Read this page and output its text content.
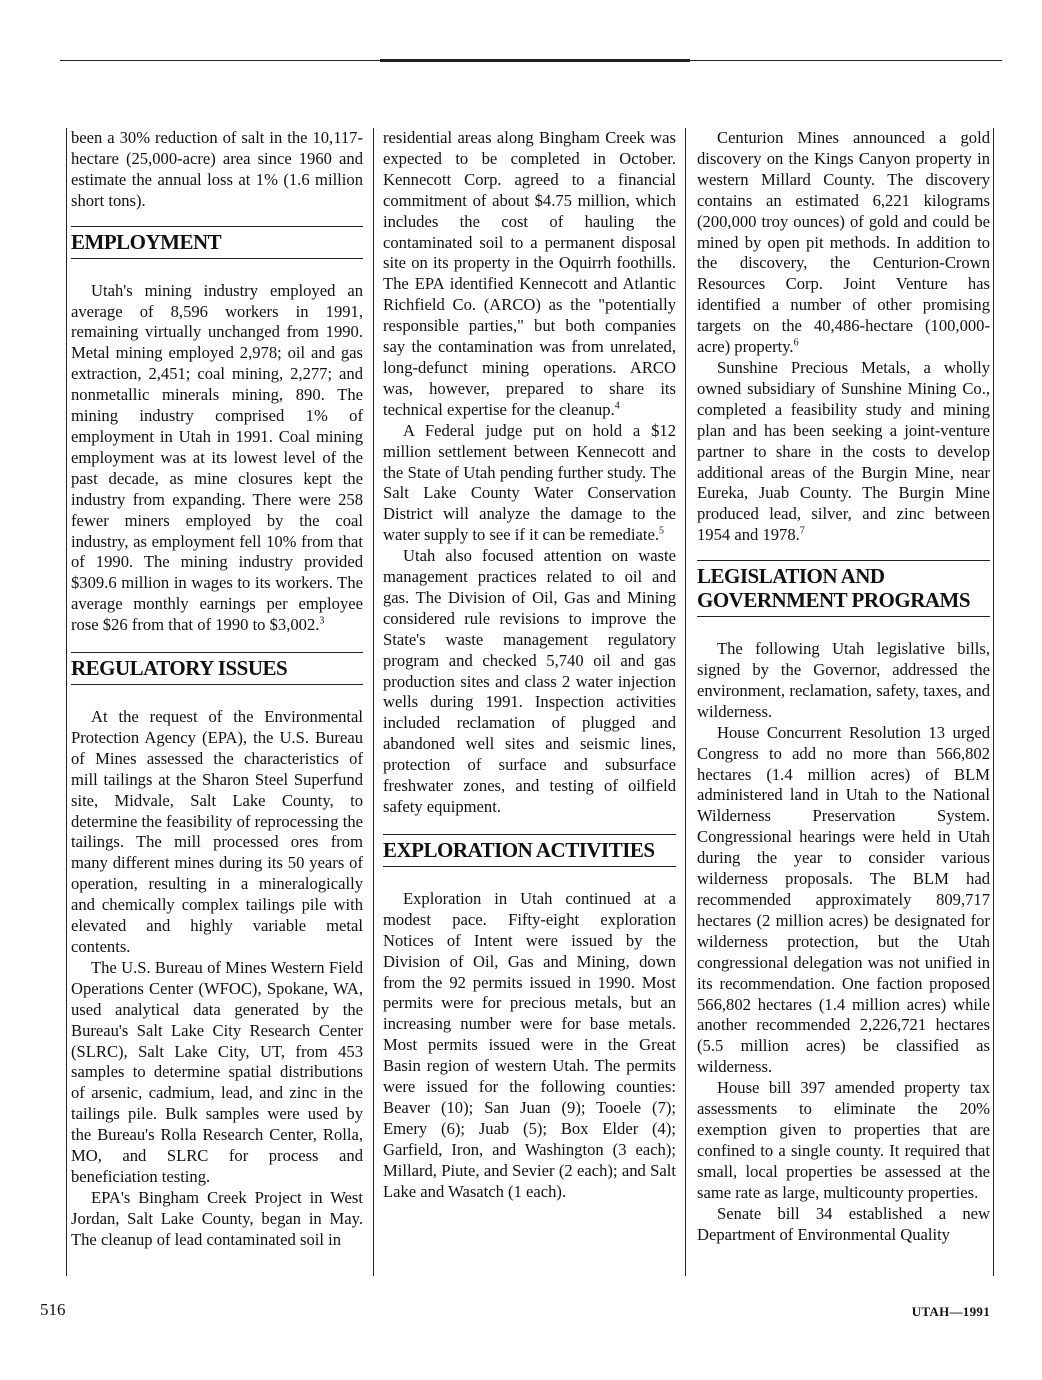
been a 30% reduction of salt in the 10,117-hectare (25,000-acre) area since 1960 and estimate the annual loss at 1% (1.6 million short tons).

EMPLOYMENT

Utah's mining industry employed an average of 8,596 workers in 1991, remaining virtually unchanged from 1990. Metal mining employed 2,978; oil and gas extraction, 2,451; coal mining, 2,277; and nonmetallic minerals mining, 890. The mining industry comprised 1% of employment in Utah in 1991. Coal mining employment was at its lowest level of the past decade, as mine closures kept the industry from expanding. There were 258 fewer miners employed by the coal industry, as employment fell 10% from that of 1990. The mining industry provided $309.6 million in wages to its workers. The average monthly earnings per employee rose $26 from that of 1990 to $3,002.$^3$

REGULATORY ISSUES

At the request of the Environmental Protection Agency (EPA), the U.S. Bureau of Mines assessed the characteristics of mill tailings at the Sharon Steel Superfund site, Midvale, Salt Lake County, to determine the feasibility of reprocessing the tailings. The mill processed ores from many different mines during its 50 years of operation, resulting in a mineralogically and chemically complex tailings pile with elevated and highly variable metal contents.

The U.S. Bureau of Mines Western Field Operations Center (WFOC), Spokane, WA, used analytical data generated by the Bureau's Salt Lake City Research Center (SLRC), Salt Lake City, UT, from 453 samples to determine spatial distributions of arsenic, cadmium, lead, and zinc in the tailings pile. Bulk samples were used by the Bureau's Rolla Research Center, Rolla, MO, and SLRC for process and beneficiation testing.

EPA's Bingham Creek Project in West Jordan, Salt Lake County, began in May. The cleanup of lead contaminated soil in

residential areas along Bingham Creek was expected to be completed in October. Kennecott Corp. agreed to a financial commitment of about $4.75 million, which includes the cost of hauling the contaminated soil to a permanent disposal site on its property in the Oquirrh foothills. The EPA identified Kennecott and Atlantic Richfield Co. (ARCO) as the "potentially responsible parties," but both companies say the contamination was from unrelated, long-defunct mining operations. ARCO was, however, prepared to share its technical expertise for the cleanup.$^4$

A Federal judge put on hold a $12 million settlement between Kennecott and the State of Utah pending further study. The Salt Lake County Water Conservation District will analyze the damage to the water supply to see if it can be remediate.$^5$

Utah also focused attention on waste management practices related to oil and gas. The Division of Oil, Gas and Mining considered rule revisions to improve the State's waste management regulatory program and checked 5,740 oil and gas production sites and class 2 water injection wells during 1991. Inspection activities included reclamation of plugged and abandoned well sites and seismic lines, protection of surface and subsurface freshwater zones, and testing of oilfield safety equipment.

EXPLORATION ACTIVITIES

Exploration in Utah continued at a modest pace. Fifty-eight exploration Notices of Intent were issued by the Division of Oil, Gas and Mining, down from the 92 permits issued in 1990. Most permits were for precious metals, but an increasing number were for base metals. Most permits issued were in the Great Basin region of western Utah. The permits were issued for the following counties: Beaver (10); San Juan (9); Tooele (7); Emery (6); Juab (5); Box Elder (4); Garfield, Iron, and Washington (3 each); Millard, Piute, and Sevier (2 each); and Salt Lake and Wasatch (1 each).

Centurion Mines announced a gold discovery on the Kings Canyon property in western Millard County. The discovery contains an estimated 6,221 kilograms (200,000 troy ounces) of gold and could be mined by open pit methods. In addition to the discovery, the Centurion-Crown Resources Corp. Joint Venture has identified a number of other promising targets on the 40,486-hectare (100,000-acre) property.$^6$

Sunshine Precious Metals, a wholly owned subsidiary of Sunshine Mining Co., completed a feasibility study and mining plan and has been seeking a joint-venture partner to share in the costs to develop additional areas of the Burgin Mine, near Eureka, Juab County. The Burgin Mine produced lead, silver, and zinc between 1954 and 1978.$^7$

LEGISLATION AND
GOVERNMENT PROGRAMS

The following Utah legislative bills, signed by the Governor, addressed the environment, reclamation, safety, taxes, and wilderness.

House Concurrent Resolution 13 urged Congress to add no more than 566,802 hectares (1.4 million acres) of BLM administered land in Utah to the National Wilderness Preservation System. Congressional hearings were held in Utah during the year to consider various wilderness proposals. The BLM had recommended approximately 809,717 hectares (2 million acres) be designated for wilderness protection, but the Utah congressional delegation was not unified in its recommendation. One faction proposed 566,802 hectares (1.4 million acres) while another recommended 2,226,721 hectares (5.5 million acres) be classified as wilderness.

House bill 397 amended property tax assessments to eliminate the 20% exemption given to properties that are confined to a single county. It required that small, local properties be assessed at the same rate as large, multicounty properties.

Senate bill 34 established a new Department of Environmental Quality

516	UTAH—1991
